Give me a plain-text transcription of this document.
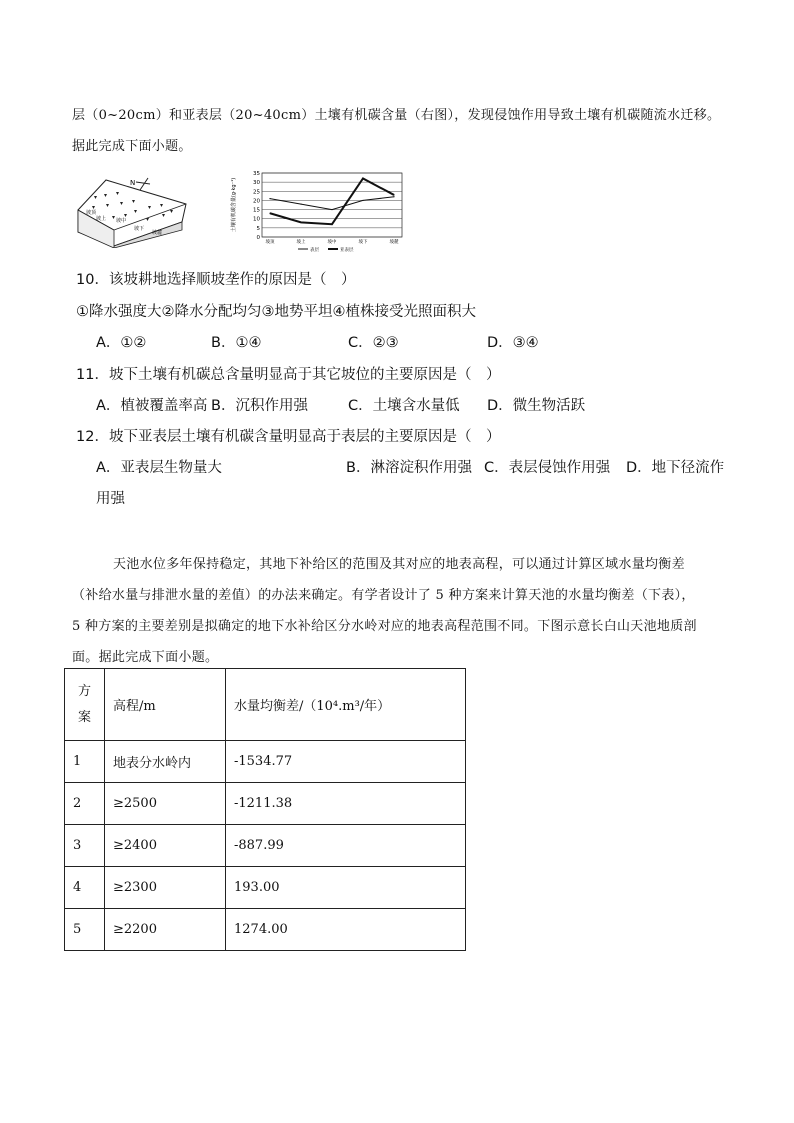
层（0~20cm）和亚表层（20~40cm）土壤有机碳含量（右图），发现侵蚀作用导致土壤有机碳随流水迁移。
据此完成下面小题。
N
坡顶
坡上 坡中
坡下
坡麓
土壤有机碳含量(g·kg⁻¹)
0
5
10
15
20
25
30
35
坡顶	坡上	坡中	坡下	坡麓
表层	亚表层
10．该坡耕地选择顺坡垄作的原因是（　）
①降水强度大②降水分配均匀③地势平坦④植株接受光照面积大
A．①②	B．①④	C．②③	D．③④
11．坡下土壤有机碳总含量明显高于其它坡位的主要原因是（　）
A．植被覆盖率高 B．沉积作用强	C．土壤含水量低 D．微生物活跃
12．坡下亚表层土壤有机碳含量明显高于表层的主要原因是（　）
A．亚表层生物量大	B．淋溶淀积作用强 C．表层侵蚀作用强 D．地下径流作
用强
天池水位多年保持稳定，其地下补给区的范围及其对应的地表高程，可以通过计算区域水量均衡差
（补给水量与排泄水量的差值）的办法来确定。有学者设计了 5 种方案来计算天池的水量均衡差（下表），
5 种方案的主要差别是拟确定的地下水补给区分水岭对应的地表高程范围不同。下图示意长白山天池地质剖
面。据此完成下面小题。
方
案	高程/m	水量均衡差/（10⁴.m³/年）
1	地表分水岭内	-1534.77
2	≥2500	-1211.38
3	≥2400	-887.99
4	≥2300	193.00
5	≥2200	1274.00
